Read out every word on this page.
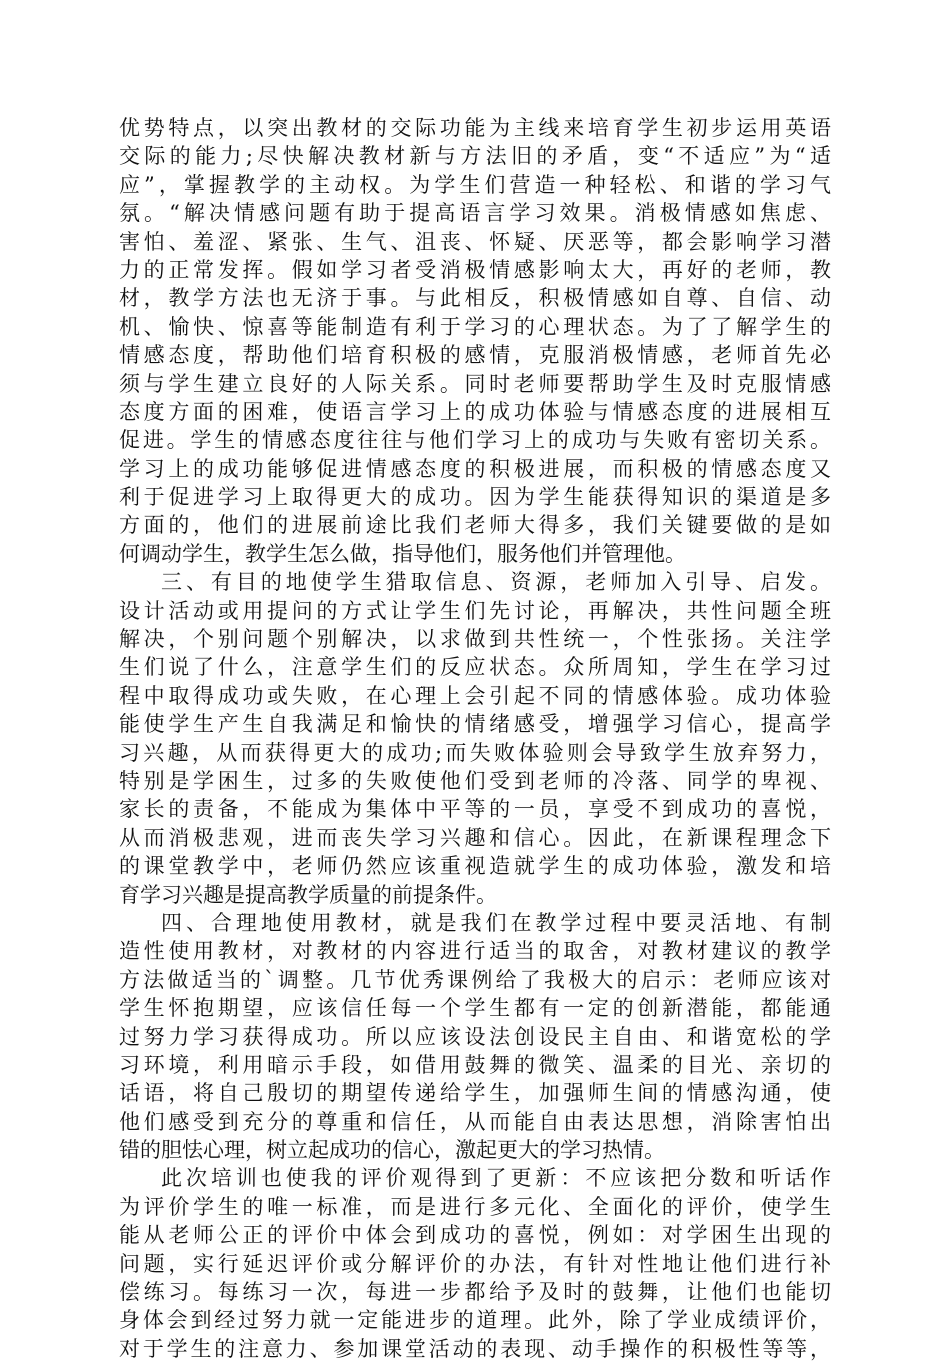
优势特点，以突出教材的交际功能为主线来培育学生初步运用英语
交际的能力;尽快解决教材新与方法旧的矛盾，变“不适应”为“适
应”，掌握教学的主动权。为学生们营造一种轻松、和谐的学习气
氛。“解决情感问题有助于提高语言学习效果。消极情感如焦虑、
害怕、羞涩、紧张、生气、沮丧、怀疑、厌恶等，都会影响学习潜
力的正常发挥。假如学习者受消极情感影响太大，再好的老师，教
材，教学方法也无济于事。与此相反，积极情感如自尊、自信、动
机、愉快、惊喜等能制造有利于学习的心理状态。为了了解学生的
情感态度，帮助他们培育积极的感情，克服消极情感，老师首先必
须与学生建立良好的人际关系。同时老师要帮助学生及时克服情感
态度方面的困难，使语言学习上的成功体验与情感态度的进展相互
促进。学生的情感态度往往与他们学习上的成功与失败有密切关系。
学习上的成功能够促进情感态度的积极进展，而积极的情感态度又
利于促进学习上取得更大的成功。因为学生能获得知识的渠道是多
方面的，他们的进展前途比我们老师大得多，我们关键要做的是如
何调动学生，教学生怎么做，指导他们，服务他们并管理他。
三、有目的地使学生猎取信息、资源，老师加入引导、启发。
设计活动或用提问的方式让学生们先讨论，再解决，共性问题全班
解决，个别问题个别解决，以求做到共性统一，个性张扬。关注学
生们说了什么，注意学生们的反应状态。众所周知，学生在学习过
程中取得成功或失败，在心理上会引起不同的情感体验。成功体验
能使学生产生自我满足和愉快的情绪感受，增强学习信心，提高学
习兴趣，从而获得更大的成功;而失败体验则会导致学生放弃努力，
特别是学困生，过多的失败使他们受到老师的冷落、同学的卑视、
家长的责备，不能成为集体中平等的一员，享受不到成功的喜悦，
从而消极悲观，进而丧失学习兴趣和信心。因此，在新课程理念下
的课堂教学中，老师仍然应该重视造就学生的成功体验，激发和培
育学习兴趣是提高教学质量的前提条件。
四、合理地使用教材，就是我们在教学过程中要灵活地、有制
造性使用教材，对教材的内容进行适当的取舍，对教材建议的教学
方法做适当的`调整。几节优秀课例给了我极大的启示：老师应该对
学生怀抱期望，应该信任每一个学生都有一定的创新潜能，都能通
过努力学习获得成功。所以应该设法创设民主自由、和谐宽松的学
习环境，利用暗示手段，如借用鼓舞的微笑、温柔的目光、亲切的
话语，将自己殷切的期望传递给学生，加强师生间的情感沟通，使
他们感受到充分的尊重和信任，从而能自由表达思想，消除害怕出
错的胆怯心理，树立起成功的信心，激起更大的学习热情。
此次培训也使我的评价观得到了更新：不应该把分数和听话作
为评价学生的唯一标准，而是进行多元化、全面化的评价，使学生
能从老师公正的评价中体会到成功的喜悦，例如：对学困生出现的
问题，实行延迟评价或分解评价的办法，有针对性地让他们进行补
偿练习。每练习一次，每进一步都给予及时的鼓舞，让他们也能切
身体会到经过努力就一定能进步的道理。此外，除了学业成绩评价，
对于学生的注意力、参加课堂活动的表现、动手操作的积极性等等，
